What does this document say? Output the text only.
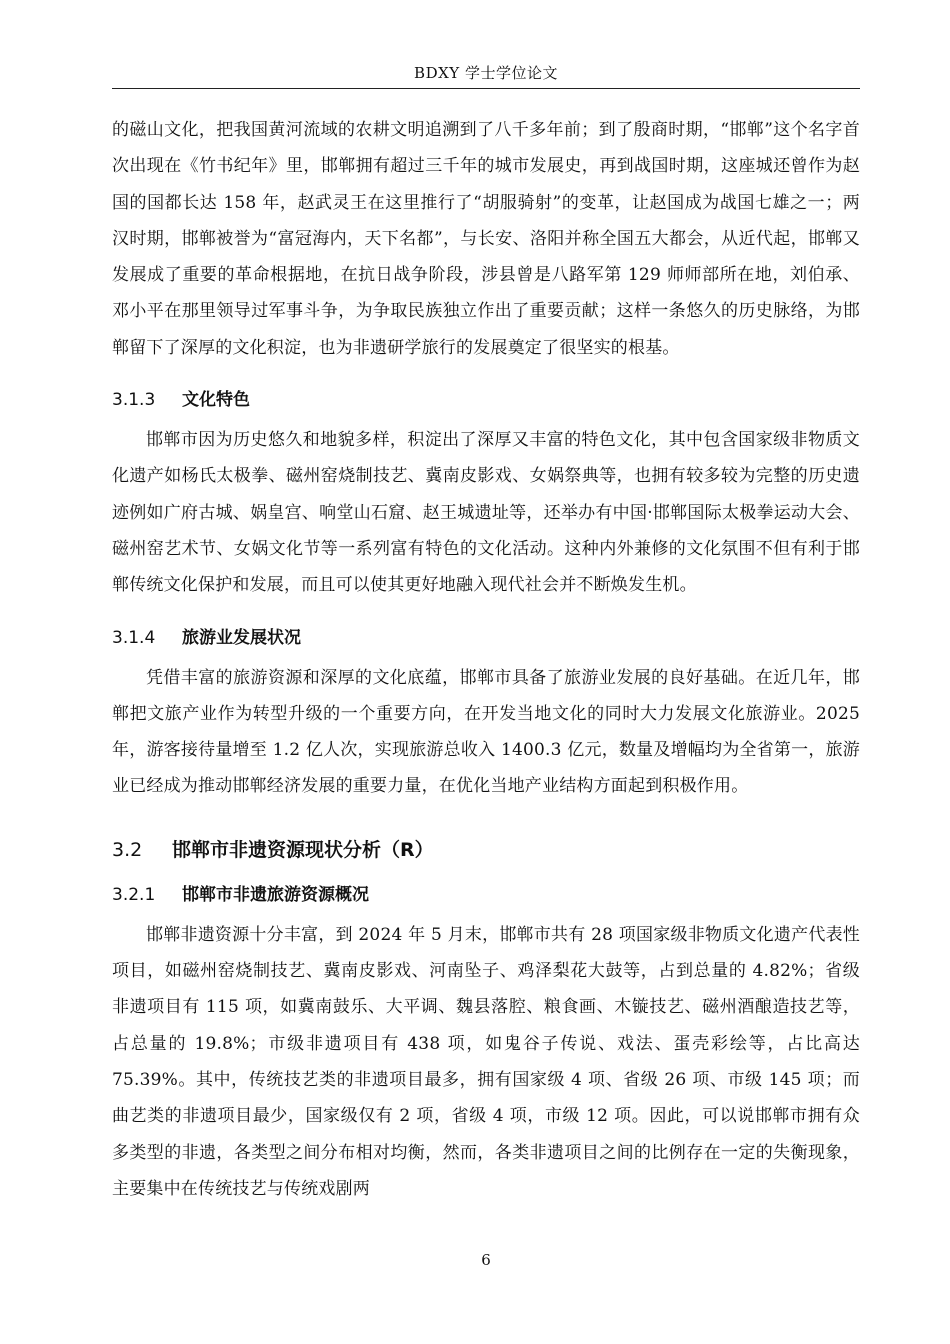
BDXY 学士学位论文

的磁山文化，把我国黄河流域的农耕文明追溯到了八千多年前；到了殷商时期，“邯郸”这个名字首次出现在《竹书纪年》里，邯郸拥有超过三千年的城市发展史，再到战国时期，这座城还曾作为赵国的国都长达 158 年，赵武灵王在这里推行了“胡服骑射”的变革，让赵国成为战国七雄之一；两汉时期，邯郸被誉为“富冠海内，天下名都”，与长安、洛阳并称全国五大都会，从近代起，邯郸又发展成了重要的革命根据地，在抗日战争阶段，涉县曾是八路军第 129 师师部所在地，刘伯承、邓小平在那里领导过军事斗争，为争取民族独立作出了重要贡献；这样一条悠久的历史脉络，为邯郸留下了深厚的文化积淀，也为非遗研学旅行的发展奠定了很坚实的根基。

3.1.3 文化特色

邯郸市因为历史悠久和地貌多样，积淀出了深厚又丰富的特色文化，其中包含国家级非物质文化遗产如杨氏太极拳、磁州窑烧制技艺、冀南皮影戏、女娲祭典等，也拥有较多较为完整的历史遗迹例如广府古城、娲皇宫、响堂山石窟、赵王城遗址等，还举办有中国·邯郸国际太极拳运动大会、磁州窑艺术节、女娲文化节等一系列富有特色的文化活动。这种内外兼修的文化氛围不但有利于邯郸传统文化保护和发展，而且可以使其更好地融入现代社会并不断焕发生机。

3.1.4 旅游业发展状况

凭借丰富的旅游资源和深厚的文化底蕴，邯郸市具备了旅游业发展的良好基础。在近几年，邯郸把文旅产业作为转型升级的一个重要方向，在开发当地文化的同时大力发展文化旅游业。2025 年，游客接待量增至 1.2 亿人次，实现旅游总收入 1400.3 亿元，数量及增幅均为全省第一，旅游业已经成为推动邯郸经济发展的重要力量，在优化当地产业结构方面起到积极作用。

3.2 邯郸市非遗资源现状分析（R）
3.2.1 邯郸市非遗旅游资源概况

邯郸非遗资源十分丰富，到 2024 年 5 月末，邯郸市共有 28 项国家级非物质文化遗产代表性项目，如磁州窑烧制技艺、冀南皮影戏、河南坠子、鸡泽梨花大鼓等，占到总量的 4.82%；省级非遗项目有 115 项，如冀南鼓乐、大平调、魏县落腔、粮食画、木镟技艺、磁州酒酿造技艺等，占总量的 19.8%；市级非遗项目有 438 项，如鬼谷子传说、戏法、蛋壳彩绘等，占比高达 75.39%。其中，传统技艺类的非遗项目最多，拥有国家级 4 项、省级 26 项、市级 145 项；而曲艺类的非遗项目最少，国家级仅有 2 项，省级 4 项，市级 12 项。因此，可以说邯郸市拥有众多类型的非遗，各类型之间分布相对均衡，然而，各类非遗项目之间的比例存在一定的失衡现象，主要集中在传统技艺与传统戏剧两

6
